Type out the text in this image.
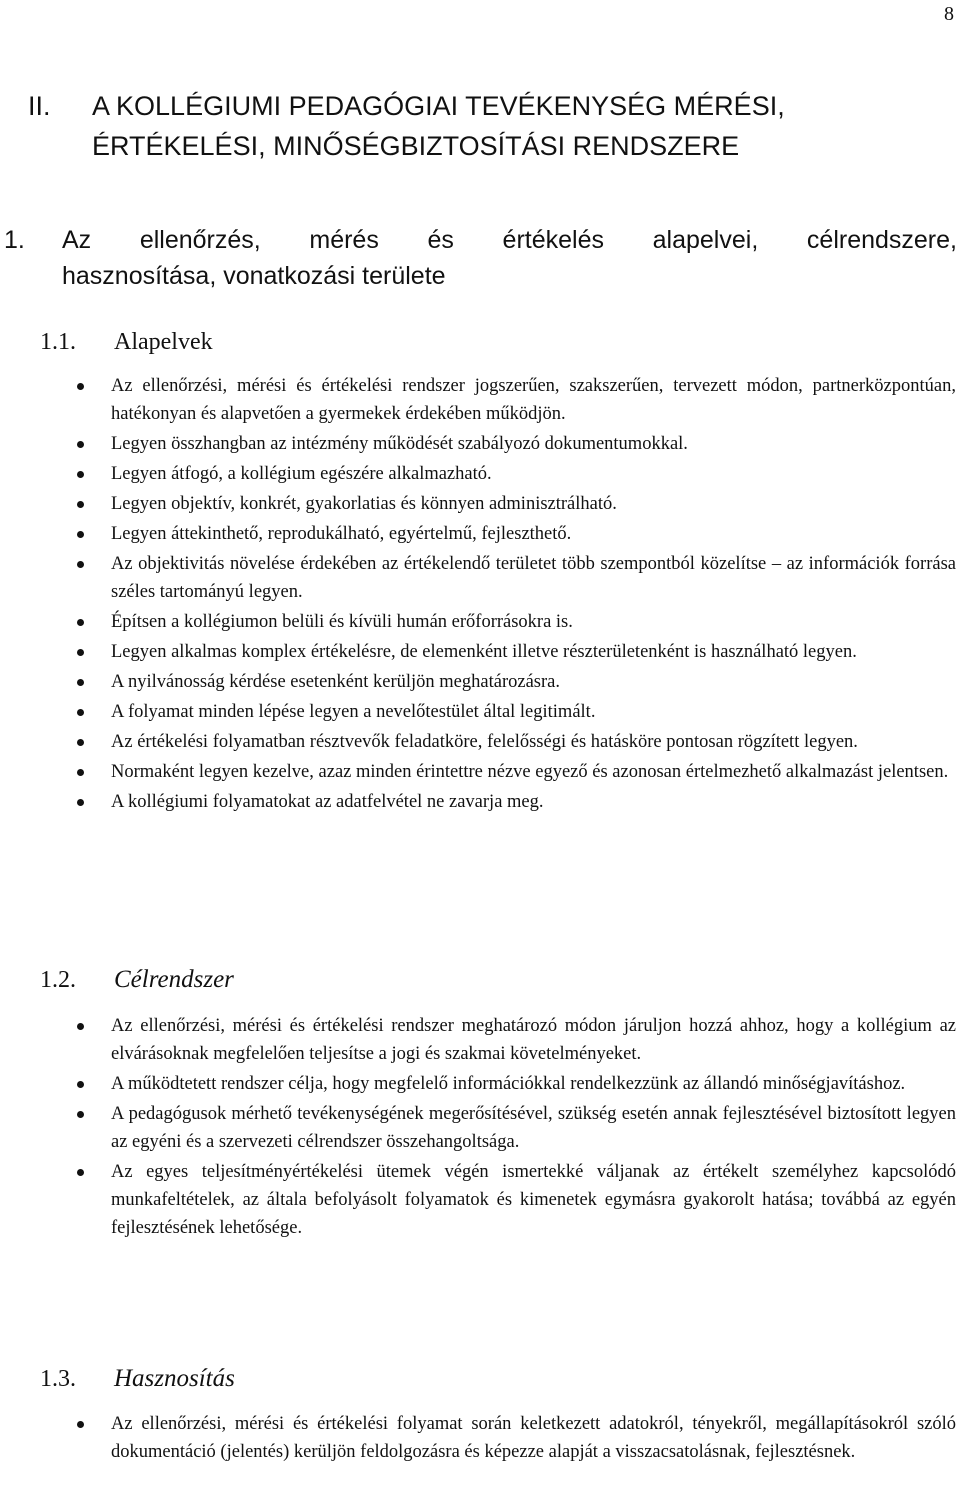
8
II. A KOLLÉGIUMI PEDAGÓGIAI TEVÉKENYSÉG MÉRÉSI,
ÉRTÉKELÉSI, MINŐSÉGBIZTOSÍTÁSI RENDSZERE
1. Az ellenőrzés, mérés és értékelés alapelvei, célrendszere,
hasznosítása, vonatkozási területe
1.1. Alapelvek
Az ellenőrzési, mérési és értékelési rendszer jogszerűen, szakszerűen, tervezett módon, partnerközpontúan, hatékonyan és alapvetően a gyermekek érdekében működjön.
Legyen összhangban az intézmény működését szabályozó dokumentumokkal.
Legyen átfogó, a kollégium egészére alkalmazható.
Legyen objektív, konkrét, gyakorlatias és könnyen adminisztrálható.
Legyen áttekinthető, reprodukálható, egyértelmű, fejleszthető.
Az objektivitás növelése érdekében az értékelendő területet több szempontból közelítse – az információk forrása széles tartományú legyen.
Építsen a kollégiumon belüli és kívüli humán erőforrásokra is.
Legyen alkalmas komplex értékelésre, de elemenként illetve részterületenként is használható legyen.
A nyilvánosság kérdése esetenként kerüljön meghatározásra.
A folyamat minden lépése legyen a nevelőtestület által legitimált.
Az értékelési folyamatban résztvevők feladatköre, felelősségi és hatásköre pontosan rögzített legyen.
Normaként legyen kezelve, azaz minden érintettre nézve egyező és azonosan értelmezhető alkalmazást jelentsen.
A kollégiumi folyamatokat az adatfelvétel ne zavarja meg.
1.2. Célrendszer
Az ellenőrzési, mérési és értékelési rendszer meghatározó módon járuljon hozzá ahhoz, hogy a kollégium az elvárásoknak megfelelően teljesítse a jogi és szakmai követelményeket.
A működtetett rendszer célja, hogy megfelelő információkkal rendelkezzünk az állandó minőségjavításhoz.
A pedagógusok mérhető tevékenységének megerősítésével, szükség esetén annak fejlesztésével biztosított legyen az egyéni és a szervezeti célrendszer összehangoltsága.
Az egyes teljesítményértékelési ütemek végén ismertekké váljanak az értékelt személyhez kapcsolódó munkafeltételek, az általa befolyásolt folyamatok és kimenetek egymásra gyakorolt hatása; továbbá az egyén fejlesztésének lehetősége.
1.3. Hasznosítás
Az ellenőrzési, mérési és értékelési folyamat során keletkezett adatokról, tényekről, megállapításokról szóló dokumentáció (jelentés) kerüljön feldolgozásra és képezze alapját a visszacsatolásnak, fejlesztésnek.
